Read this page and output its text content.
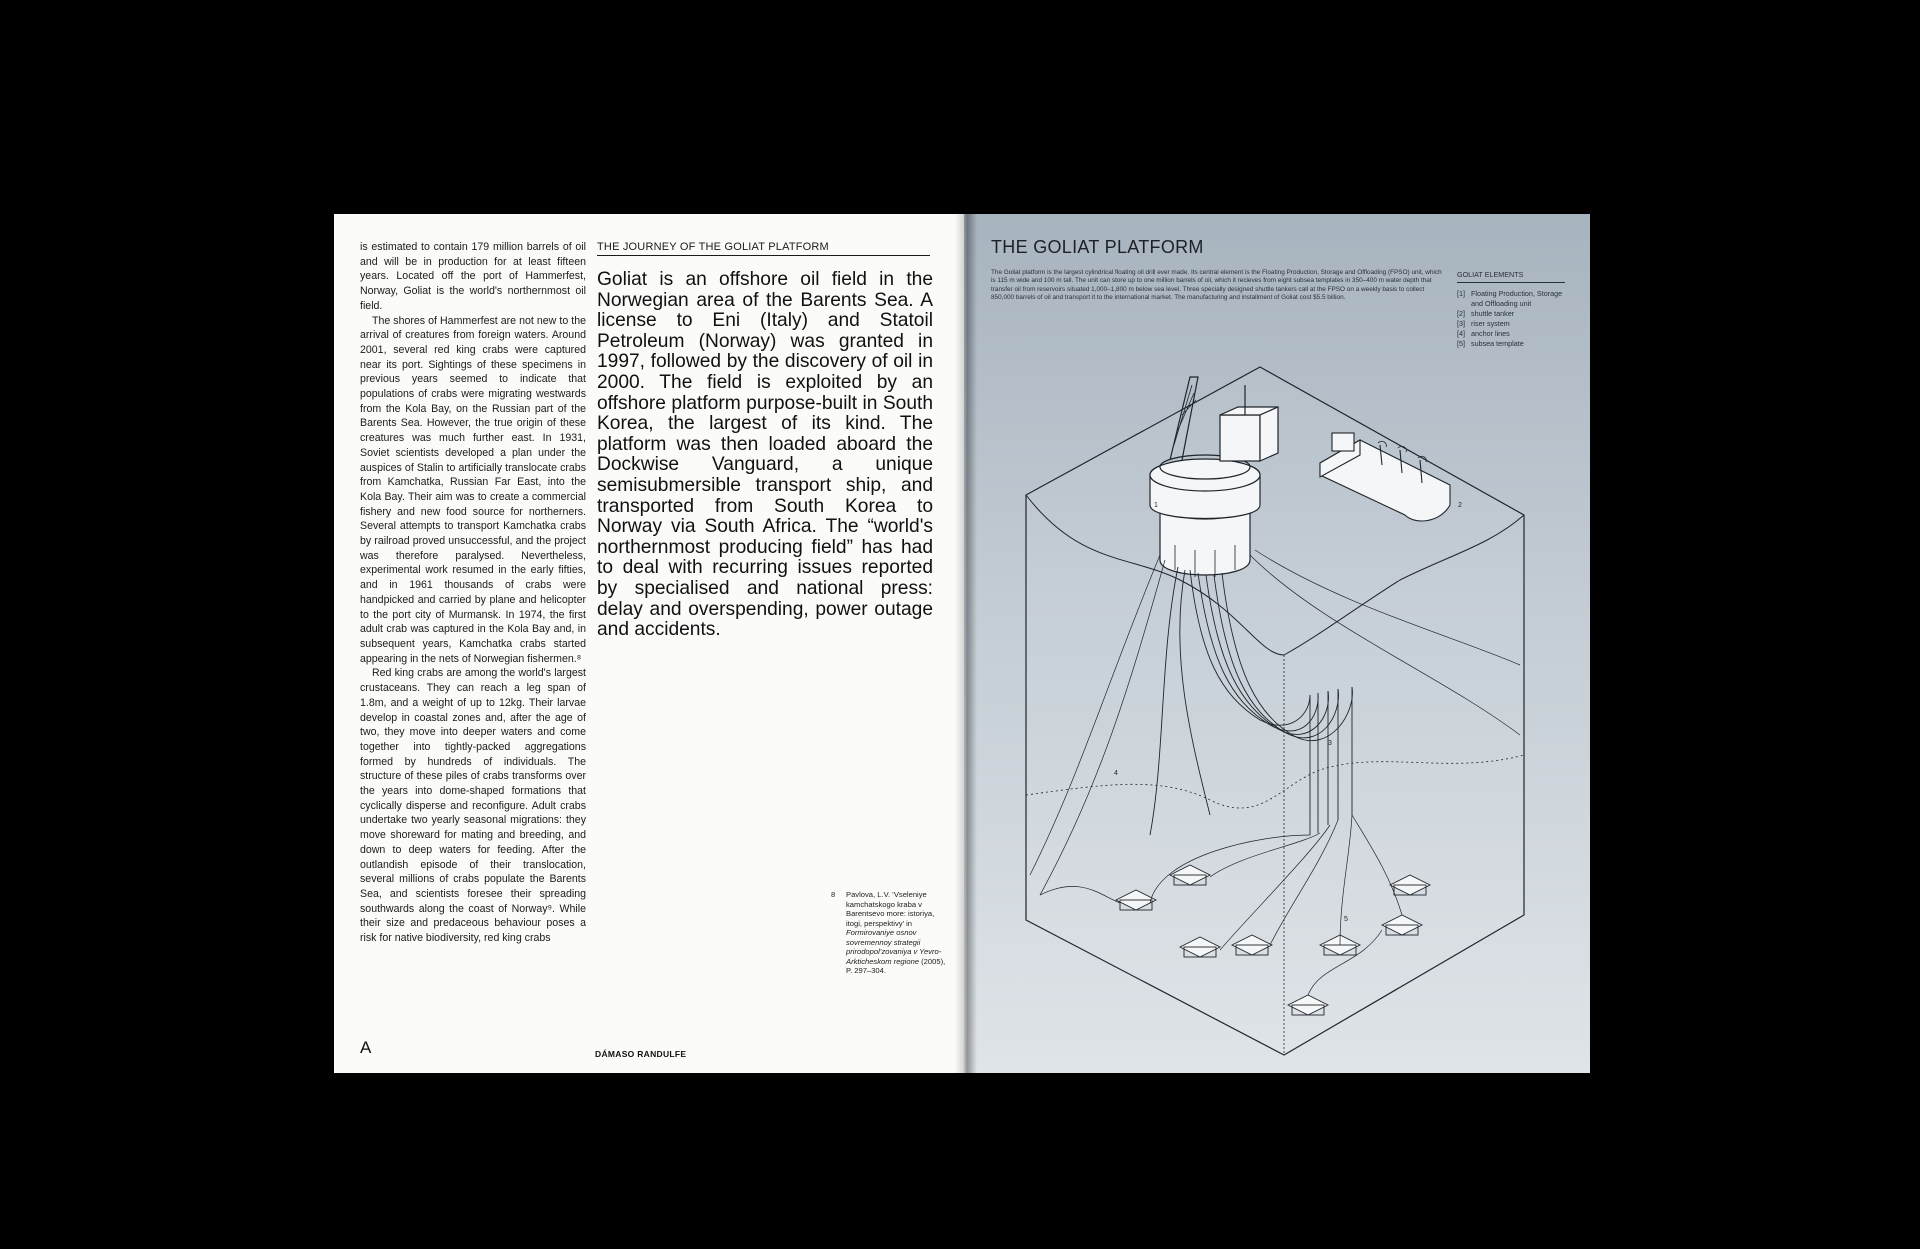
is estimated to contain 179 million barrels of oil and will be in production for at least fifteen years. Located off the port of Hammerfest, Norway, Goliat is the world's northernmost oil field.

The shores of Hammerfest are not new to the arrival of creatures from foreign waters. Around 2001, several red king crabs were captured near its port. Sightings of these specimens in previous years seemed to indicate that populations of crabs were migrating westwards from the Kola Bay, on the Russian part of the Barents Sea. However, the true origin of these creatures was much further east. In 1931, Soviet scientists developed a plan under the auspices of Stalin to artificially translocate crabs from Kamchatka, Russian Far East, into the Kola Bay. Their aim was to create a commercial fishery and new food source for northerners. Several attempts to transport Kamchatka crabs by railroad proved unsuccessful, and the project was therefore paralysed. Nevertheless, experimental work resumed in the early fifties, and in 1961 thousands of crabs were handpicked and carried by plane and helicopter to the port city of Murmansk. In 1974, the first adult crab was captured in the Kola Bay and, in subsequent years, Kamchatka crabs started appearing in the nets of Norwegian fishermen.⁸

Red king crabs are among the world's largest crustaceans. They can reach a leg span of 1.8m, and a weight of up to 12kg. Their larvae develop in coastal zones and, after the age of two, they move into deeper waters and come together into tightly-packed aggregations formed by hundreds of individuals. The structure of these piles of crabs transforms over the years into dome-shaped formations that cyclically disperse and reconfigure. Adult crabs undertake two yearly seasonal migrations: they move shoreward for mating and breeding, and down to deep waters for feeding. After the outlandish episode of their translocation, several millions of crabs populate the Barents Sea, and scientists foresee their spreading southwards along the coast of Norway⁹. While their size and predaceous behaviour poses a risk for native biodiversity, red king crabs

THE JOURNEY OF THE GOLIAT PLATFORM
Goliat is an offshore oil field in the Norwegian area of the Barents Sea. A license to Eni (Italy) and Statoil Petroleum (Norway) was granted in 1997, followed by the discovery of oil in 2000. The field is exploited by an offshore platform purpose-built in South Korea, the largest of its kind. The platform was then loaded aboard the Dockwise Vanguard, a unique semisubmersible transport ship, and transported from South Korea to Norway via South Africa. The “world's northernmost producing field” has had to deal with recurring issues reported by specialised and national press: delay and overspending, power outage and accidents.
8 Pavlova, L.V. ‘Vseleniye kamchatskogo kraba v Barentsevo more: istoriya, itogi, perspektivy’ in Formirovaniye osnov sovremennoy strategii prirodopol’zovaniya v Yevro-Arkticheskom regione (2005), P. 297–304.
A	DÁMASO RANDULFE
THE GOLIAT PLATFORM
The Goliat platform is the largest cylindrical floating oil drill ever made. Its central element is the Floating Production, Storage and Offloading (FPSO) unit, which is 115 m wide and 100 m tall. The unit can store up to one million barrels of oil, which it recieves from eight subsea templates in 350–400 m water depth that transfer oil from reservoirs situated 1,000–1,800 m below sea level. Three specially designed shuttle tankers call at the FPSO on a weekly basis to collect 850,000 barrels of oil and transport it to the international market. The manufacturing and installment of Goliat cost $5.5 billion.
GOLIAT ELEMENTS
[1] Floating Production, Storage and Offloading unit
[2] shuttle tanker
[3] riser system
[4] anchor lines
[5] subsea template
1	2
3
4
5
